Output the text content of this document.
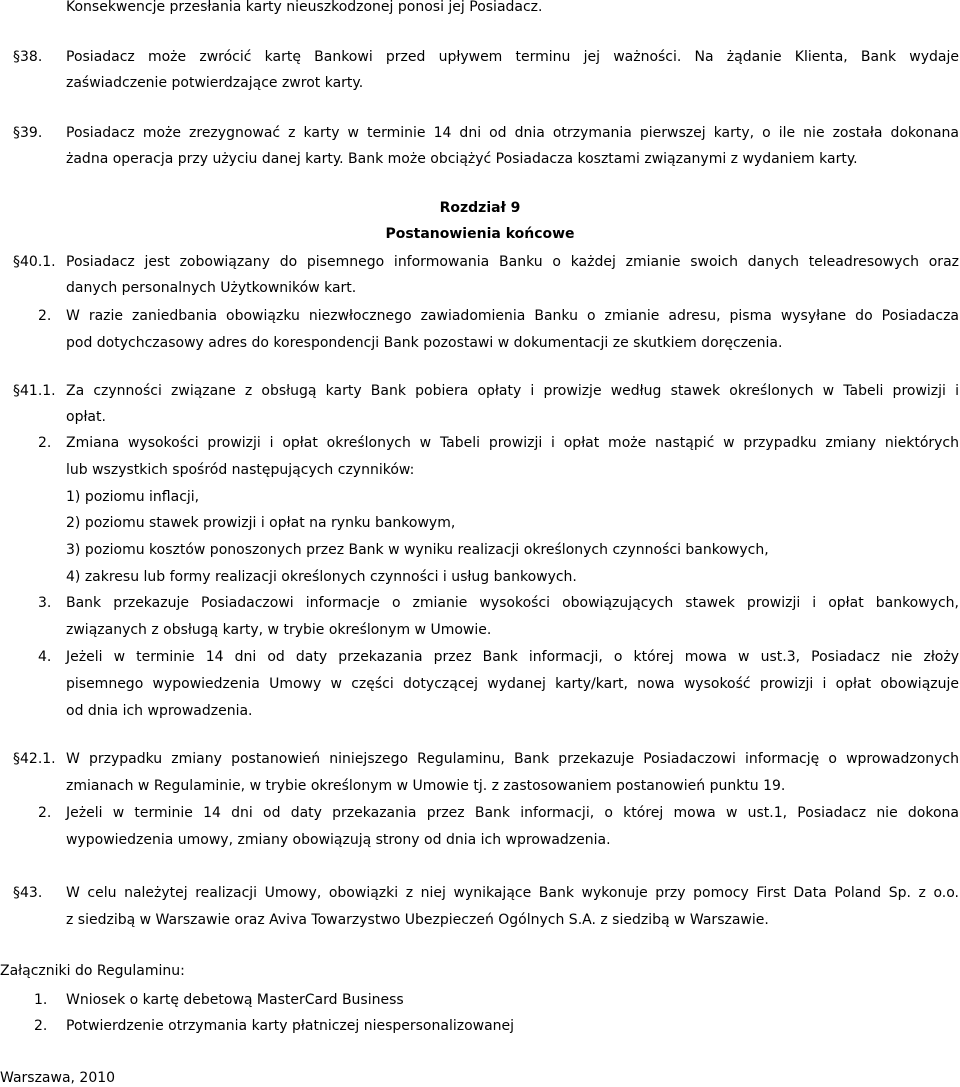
Konsekwencje przesłania karty nieuszkodzonej ponosi jej Posiadacz.
§38. Posiadacz może zwrócić kartę Bankowi przed upływem terminu jej ważności. Na żądanie Klienta, Bank wydaje
zaświadczenie potwierdzające zwrot karty.
§39. Posiadacz może zrezygnować z karty w terminie 14 dni od dnia otrzymania pierwszej karty, o ile nie została dokonana
żadna operacja przy użyciu danej karty. Bank może obciążyć Posiadacza kosztami związanymi z wydaniem karty.
Rozdział 9
Postanowienia końcowe
§40.1. Posiadacz jest zobowiązany do pisemnego informowania Banku o każdej zmianie swoich danych teleadresowych oraz
danych personalnych Użytkowników kart.
2. W razie zaniedbania obowiązku niezwłocznego zawiadomienia Banku o zmianie adresu, pisma wysyłane do Posiadacza
pod dotychczasowy adres do korespondencji Bank pozostawi w dokumentacji ze skutkiem doręczenia.
§41.1. Za czynności związane z obsługą karty Bank pobiera opłaty i prowizje według stawek określonych w Tabeli prowizji i
opłat.
2. Zmiana wysokości prowizji i opłat określonych w Tabeli prowizji i opłat może nastąpić w przypadku zmiany niektórych
lub wszystkich spośród następujących czynników:
1) poziomu inflacji,
2) poziomu stawek prowizji i opłat na rynku bankowym,
3) poziomu kosztów ponoszonych przez Bank w wyniku realizacji określonych czynności bankowych,
4) zakresu lub formy realizacji określonych czynności i usług bankowych.
3. Bank przekazuje Posiadaczowi informacje o zmianie wysokości obowiązujących stawek prowizji i opłat bankowych,
związanych z obsługą karty, w trybie określonym w Umowie.
4. Jeżeli w terminie 14 dni od daty przekazania przez Bank informacji, o której mowa w ust.3, Posiadacz nie złoży
pisemnego wypowiedzenia Umowy w części dotyczącej wydanej karty/kart, nowa wysokość prowizji i opłat obowiązuje
od dnia ich wprowadzenia.
§42.1. W przypadku zmiany postanowień niniejszego Regulaminu, Bank przekazuje Posiadaczowi informację o wprowadzonych
zmianach w Regulaminie, w trybie określonym w Umowie tj. z zastosowaniem postanowień punktu 19.
2. Jeżeli w terminie 14 dni od daty przekazania przez Bank informacji, o której mowa w ust.1, Posiadacz nie dokona
wypowiedzenia umowy, zmiany obowiązują strony od dnia ich wprowadzenia.
§43. W celu należytej realizacji Umowy, obowiązki z niej wynikające Bank wykonuje przy pomocy First Data Poland Sp. z o.o.
z siedzibą w Warszawie oraz Aviva Towarzystwo Ubezpieczeń Ogólnych S.A. z siedzibą w Warszawie.
Załączniki do Regulaminu:
1. Wniosek o kartę debetową MasterCard Business
2. Potwierdzenie otrzymania karty płatniczej niespersonalizowanej
Warszawa, 2010
